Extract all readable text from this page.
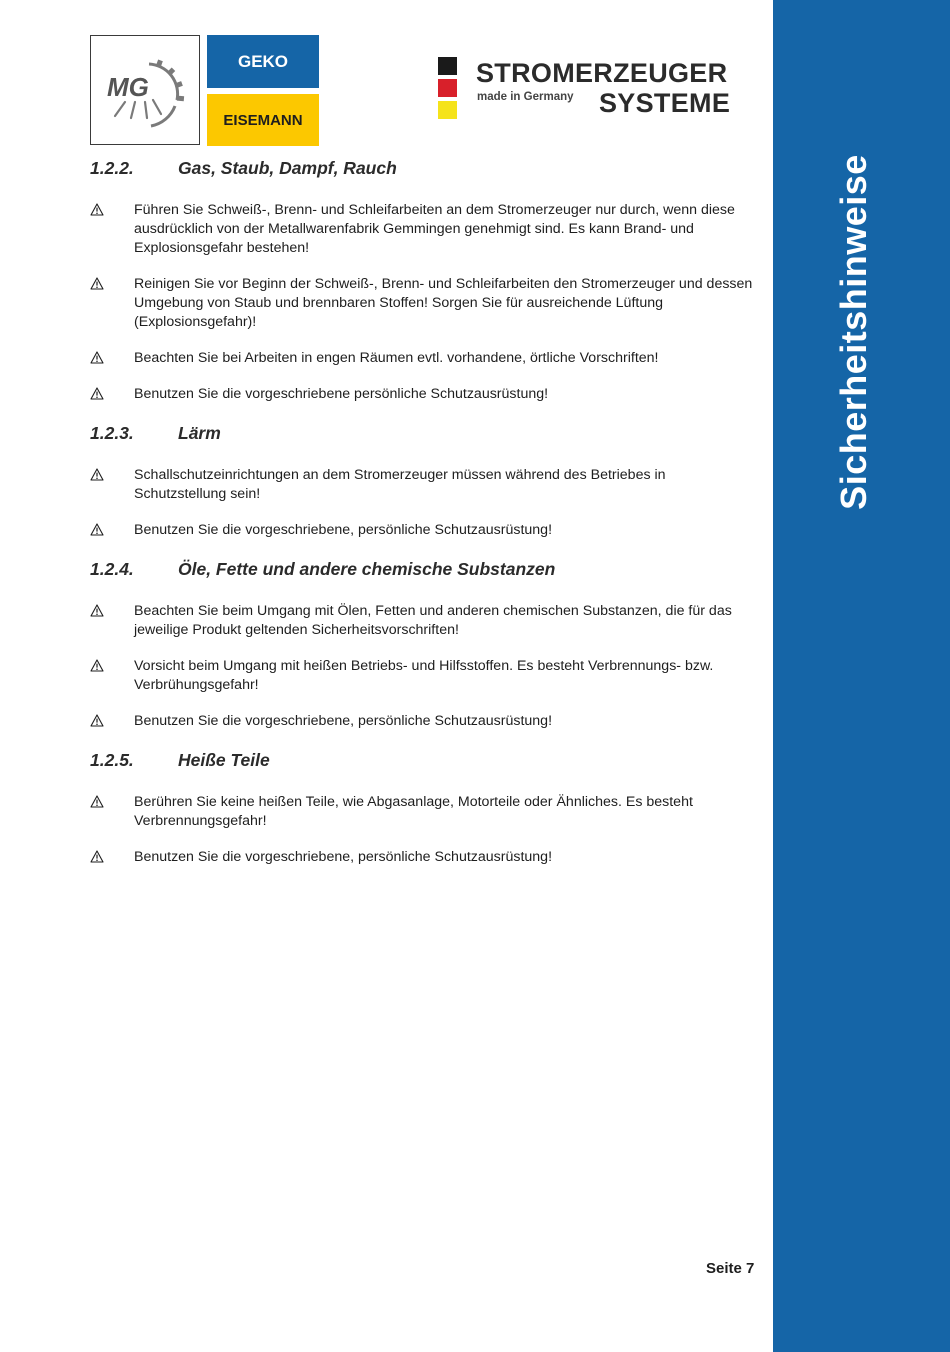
Sicherheitshinweise
MG
GEKO
EISEMANN
STROMERZEUGER
made in Germany SYSTEME
1.2.2.	Gas, Staub, Dampf, Rauch
Führen Sie Schweiß-, Brenn- und Schleifarbeiten an dem Stromerzeuger nur durch, wenn diese ausdrücklich von der Metallwarenfabrik Gemmingen genehmigt sind. Es kann Brand- und Explosionsgefahr bestehen!
Reinigen Sie vor Beginn der Schweiß-, Brenn- und Schleifarbeiten den Stromerzeuger und dessen Umgebung von Staub und brennbaren Stoffen! Sorgen Sie für ausreichende Lüftung (Explosionsgefahr)!
Beachten Sie bei Arbeiten in engen Räumen evtl. vorhandene, örtliche Vorschriften!
Benutzen Sie die vorgeschriebene persönliche Schutzausrüstung!
1.2.3.	Lärm
Schallschutzeinrichtungen an dem Stromerzeuger müssen während des Betriebes in Schutzstellung sein!
Benutzen Sie die vorgeschriebene, persönliche Schutzausrüstung!
1.2.4.	Öle, Fette und andere chemische Substanzen
Beachten Sie beim Umgang mit Ölen, Fetten und anderen chemischen Substanzen, die für das jeweilige Produkt geltenden Sicherheitsvorschriften!
Vorsicht beim Umgang mit heißen Betriebs- und Hilfsstoffen. Es besteht Verbrennungs- bzw. Verbrühungsgefahr!
Benutzen Sie die vorgeschriebene, persönliche Schutzausrüstung!
1.2.5.	Heiße Teile
Berühren Sie keine heißen Teile, wie Abgasanlage, Motorteile oder Ähnliches. Es besteht Verbrennungsgefahr!
Benutzen Sie die vorgeschriebene, persönliche Schutzausrüstung!
Seite 7
